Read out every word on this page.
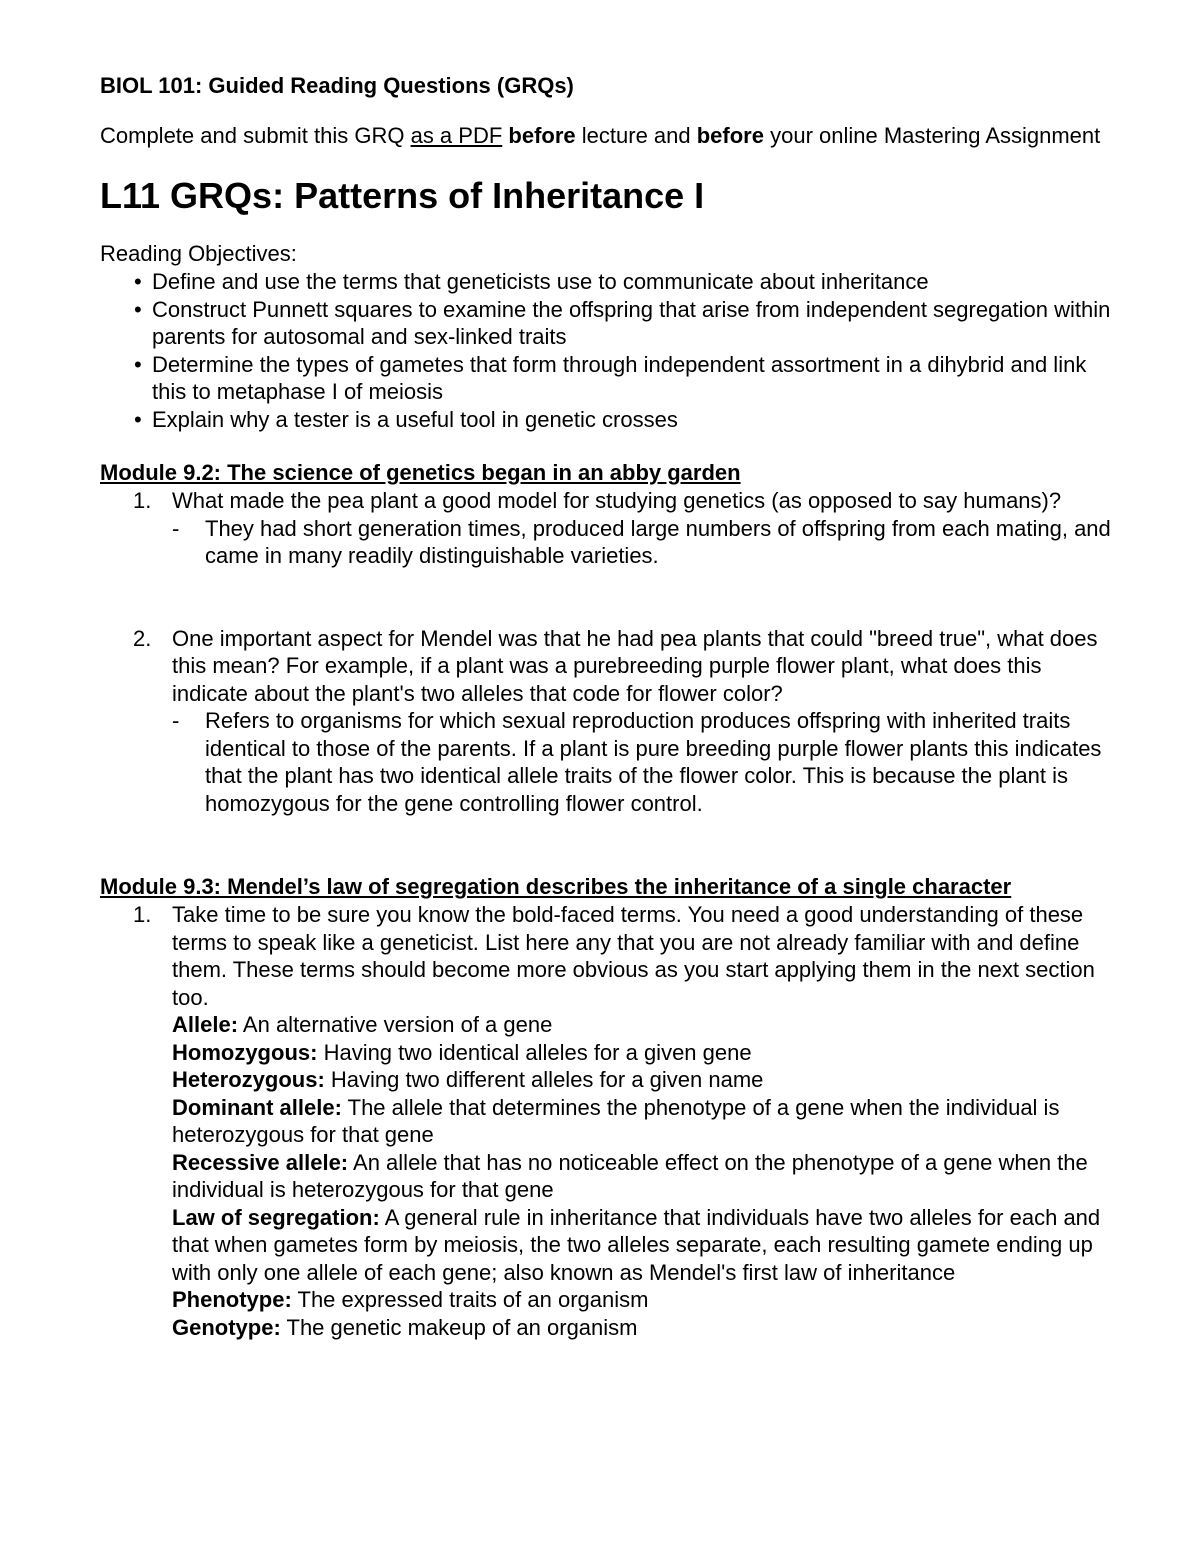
BIOL 101: Guided Reading Questions (GRQs)

Complete and submit this GRQ as a PDF before lecture and before your online Mastering Assignment

L11 GRQs: Patterns of Inheritance I

Reading Objectives:

• Define and use the terms that geneticists use to communicate about inheritance
• Construct Punnett squares to examine the offspring that arise from independent segregation within parents for autosomal and sex-linked traits
• Determine the types of gametes that form through independent assortment in a dihybrid and link this to metaphase I of meiosis
• Explain why a tester is a useful tool in genetic crosses

Module 9.2: The science of genetics began in an abby garden

1. What made the pea plant a good model for studying genetics (as opposed to say humans)?
- They had short generation times, produced large numbers of offspring from each mating, and came in many readily distinguishable varieties.
2. One important aspect for Mendel was that he had pea plants that could "breed true", what does this mean? For example, if a plant was a purebreeding purple flower plant, what does this indicate about the plant's two alleles that code for flower color?
- Refers to organisms for which sexual reproduction produces offspring with inherited traits identical to those of the parents. If a plant is pure breeding purple flower plants this indicates that the plant has two identical allele traits of the flower color. This is because the plant is homozygous for the gene controlling flower control.

Module 9.3: Mendel’s law of segregation describes the inheritance of a single character

1. Take time to be sure you know the bold-faced terms. You need a good understanding of these terms to speak like a geneticist. List here any that you are not already familiar with and define them. These terms should become more obvious as you start applying them in the next section too.
Allele: An alternative version of a gene
Homozygous: Having two identical alleles for a given gene
Heterozygous: Having two different alleles for a given name
Dominant allele: The allele that determines the phenotype of a gene when the individual is heterozygous for that gene
Recessive allele: An allele that has no noticeable effect on the phenotype of a gene when the individual is heterozygous for that gene
Law of segregation: A general rule in inheritance that individuals have two alleles for each and that when gametes form by meiosis, the two alleles separate, each resulting gamete ending up with only one allele of each gene; also known as Mendel's first law of inheritance
Phenotype: The expressed traits of an organism
Genotype: The genetic makeup of an organism
